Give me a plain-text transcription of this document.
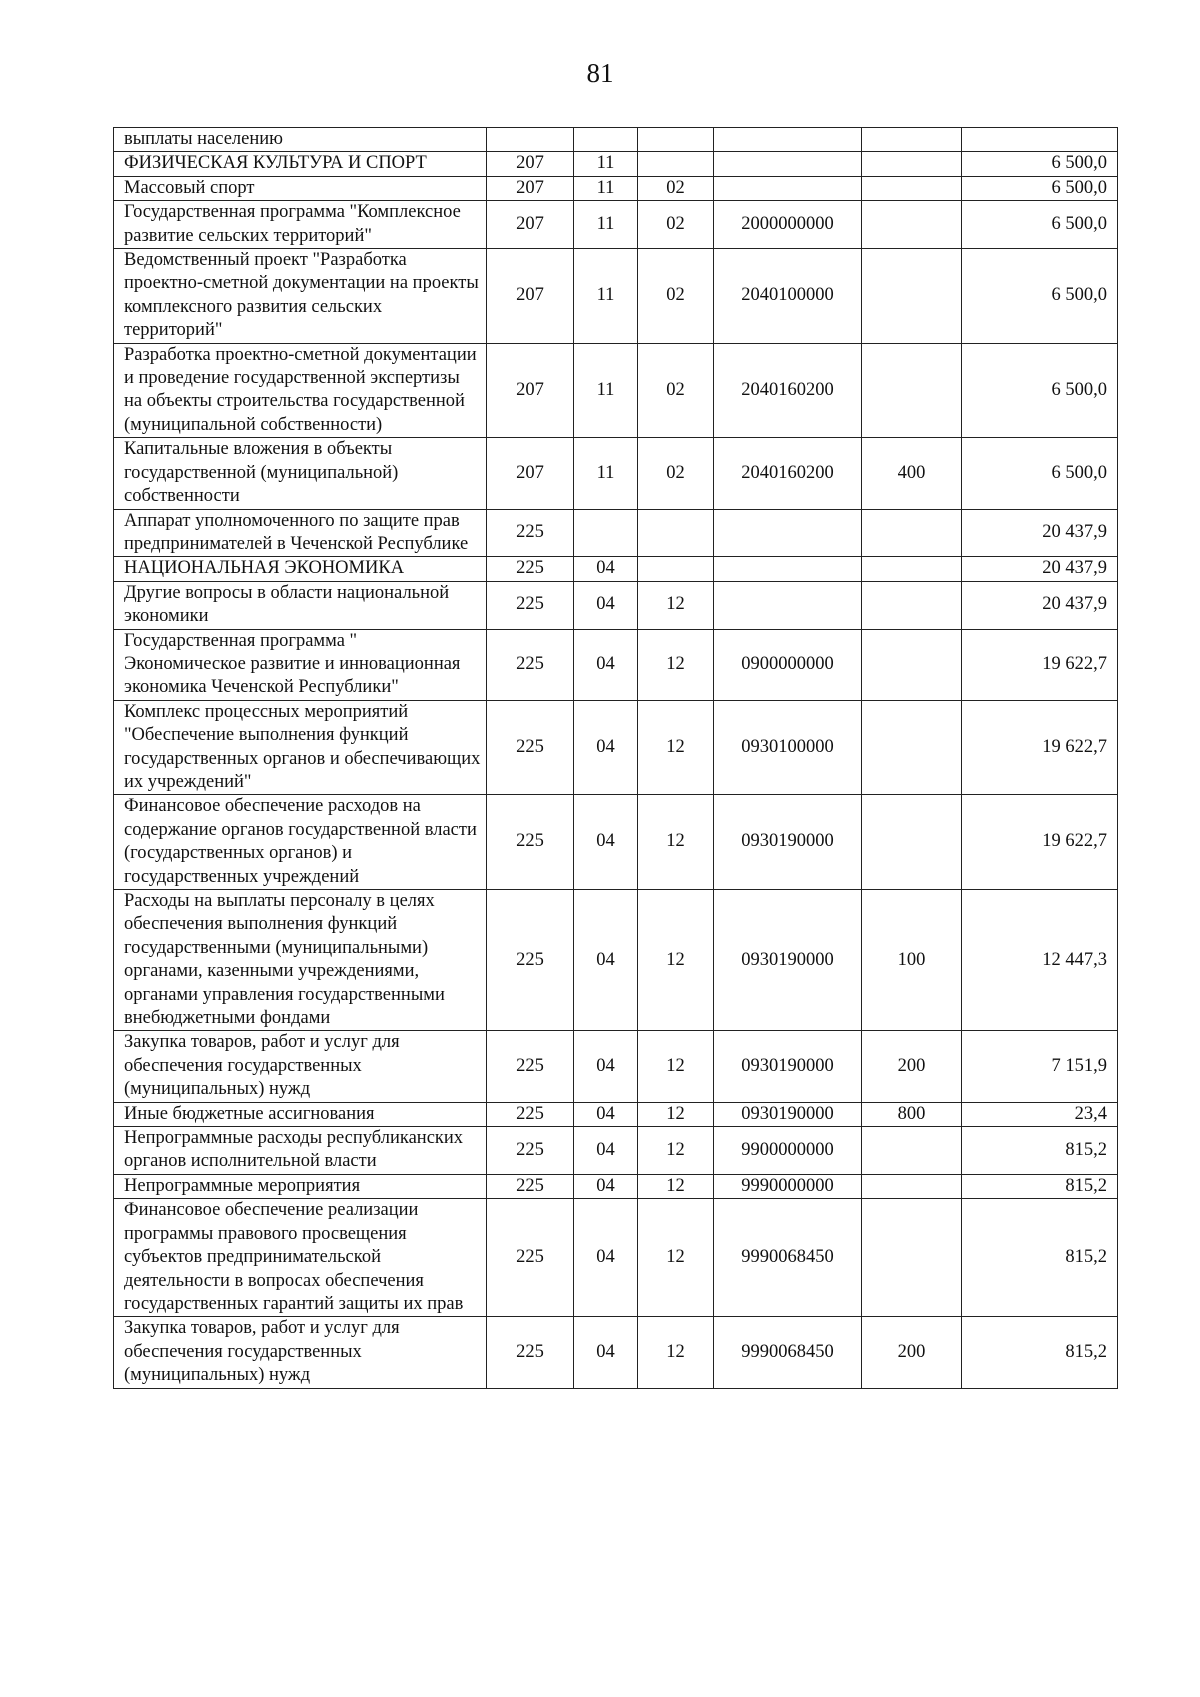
81
выплаты населению						
ФИЗИЧЕСКАЯ КУЛЬТУРА И СПОРТ	207	11				6 500,0
Массовый спорт	207	11	02			6 500,0
Государственная программа "Комплексное развитие сельских территорий"	207	11	02	2000000000		6 500,0
Ведомственный проект "Разработка проектно-сметной документации на проекты комплексного развития сельских территорий"	207	11	02	2040100000		6 500,0
Разработка проектно-сметной документации и проведение государственной экспертизы на объекты строительства государственной (муниципальной собственности)	207	11	02	2040160200		6 500,0
Капитальные вложения в объекты государственной (муниципальной) собственности	207	11	02	2040160200	400	6 500,0
Аппарат уполномоченного по защите прав предпринимателей в Чеченской Республике	225					20 437,9
НАЦИОНАЛЬНАЯ ЭКОНОМИКА	225	04				20 437,9
Другие вопросы в области национальной экономики	225	04	12			20 437,9
Государственная программа " Экономическое развитие и инновационная экономика Чеченской Республики"	225	04	12	0900000000		19 622,7
Комплекс процессных мероприятий "Обеспечение выполнения функций государственных органов и обеспечивающих их учреждений"	225	04	12	0930100000		19 622,7
Финансовое обеспечение расходов на содержание органов государственной власти (государственных органов) и государственных учреждений	225	04	12	0930190000		19 622,7
Расходы на выплаты персоналу в целях обеспечения выполнения функций государственными (муниципальными) органами, казенными учреждениями, органами управления государственными внебюджетными фондами	225	04	12	0930190000	100	12 447,3
Закупка товаров, работ и услуг для обеспечения государственных (муниципальных) нужд	225	04	12	0930190000	200	7 151,9
Иные бюджетные ассигнования	225	04	12	0930190000	800	23,4
Непрограммные расходы республиканских органов исполнительной власти	225	04	12	9900000000		815,2
Непрограммные мероприятия	225	04	12	9990000000		815,2
Финансовое обеспечение реализации программы правового просвещения субъектов предпринимательской деятельности в вопросах обеспечения государственных гарантий защиты их прав	225	04	12	9990068450		815,2
Закупка товаров, работ и услуг для обеспечения государственных (муниципальных) нужд	225	04	12	9990068450	200	815,2
